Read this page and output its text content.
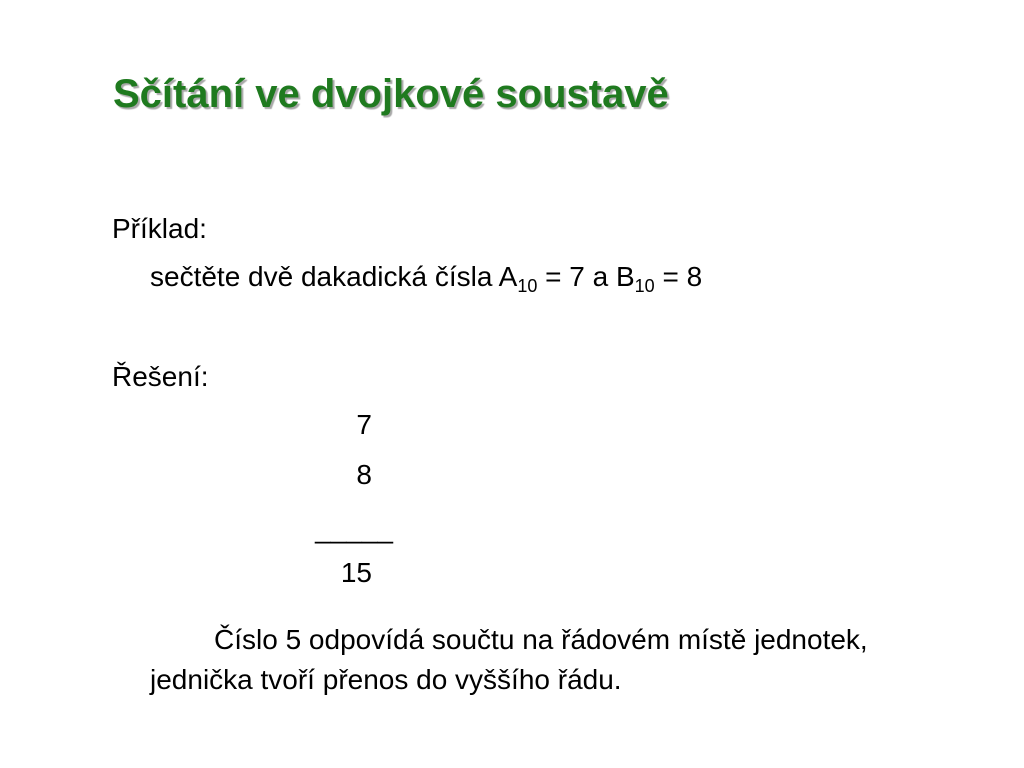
Sčítání ve dvojkové soustavě
Příklad:
sečtěte dvě dakadická čísla $A_{10} = 7$ a $B_{10} = 8$
Řešení:
7
8
_____
15
Číslo 5 odpovídá součtu na řádovém místě jednotek, jednička tvoří přenos do vyššího řádu.
